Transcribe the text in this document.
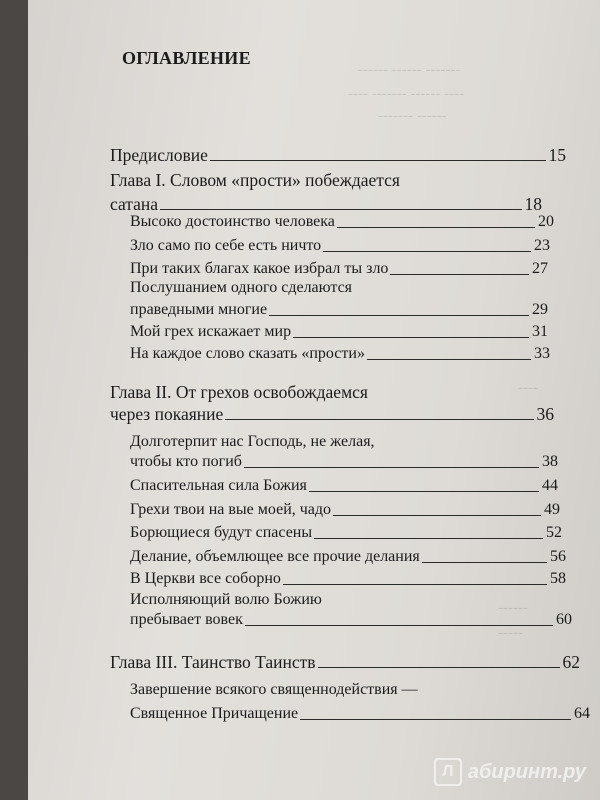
‑‑‑‑‑‑ ‑‑‑‑‑‑ ‑‑‑‑‑‑‑
‑‑‑‑ ‑‑‑‑‑‑‑ ‑‑‑‑‑‑ ‑‑‑‑
‑‑‑‑‑‑‑ ‑‑‑‑‑‑
‑‑‑‑
‑‑‑‑‑‑
‑‑‑‑‑
ОГЛАВЛЕНИЕ
Предисловие	15
Глава I. Словом «прости» побеждается
сатана	18
Высоко достоинство человека	20
Зло само по себе есть ничто	23
При таких благах какое избрал ты зло	27
Послушанием одного сделаются
праведными многие	29
Мой грех искажает мир	31
На каждое слово сказать «прости»	33
Глава II. От грехов освобождаемся
через покаяние	36
Долготерпит нас Господь, не желая,
чтобы кто погиб	38
Спасительная сила Божия	44
Грехи твои на вые моей, чадо	49
Борющиеся будут спасены	52
Делание, объемлющее все прочие делания	56
В Церкви все соборно	58
Исполняющий волю Божию
пребывает вовек	60
Глава III. Таинство Таинств	62
Завершение всякого священнодействия —
Священное Причащение	64
Л абиринт.ру
